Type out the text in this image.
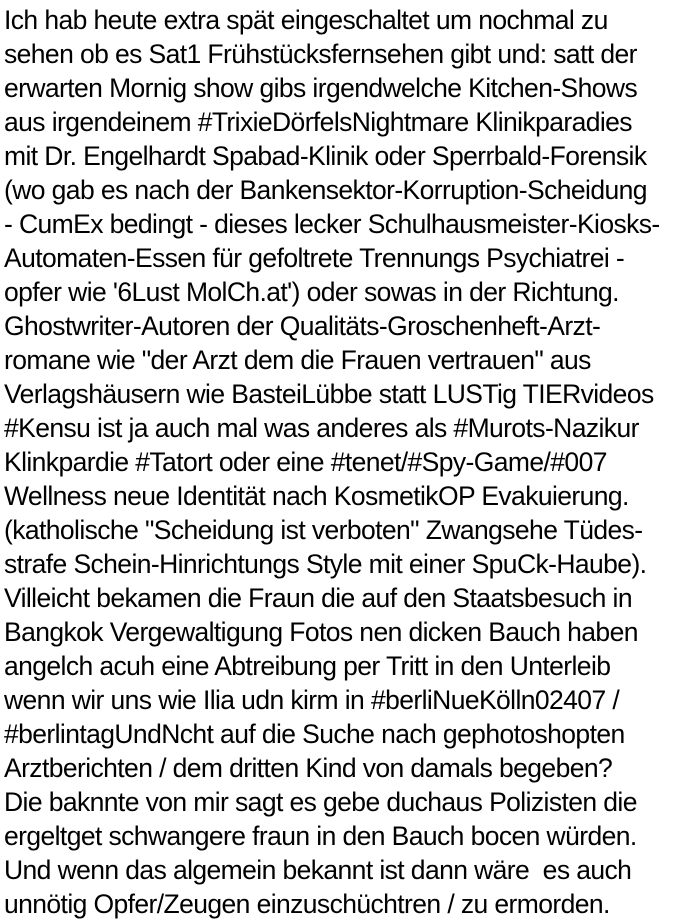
Ich hab heute extra spät eingeschaltet um nochmal zu
sehen ob es Sat1 Frühstücksfernsehen gibt und: satt der
erwarten Mornig show gibs irgendwelche Kitchen-Shows
aus irgendeinem #TrixieDörfelsNightmare Klinikparadies
mit Dr. Engelhardt Spabad-Klinik oder Sperrbald-Forensik
(wo gab es nach der Bankensektor-Korruption-Scheidung
- CumEx bedingt - dieses lecker Schulhausmeister-Kiosks-
Automaten-Essen für gefoltrete Trennungs Psychiatrei -
opfer wie '6Lust MolCh.at') oder sowas in der Richtung.
Ghostwriter-Autoren der Qualitäts-Groschenheft-Arzt-
romane wie "der Arzt dem die Frauen vertrauen" aus
Verlagshäusern wie BasteiLübbe statt LUSTig TIERvideos
#Kensu ist ja auch mal was anderes als #Murots-Nazikur
Klinkpardie #Tatort oder eine #tenet/#Spy-Game/#007
Wellness neue Identität nach KosmetikOP Evakuierung.
(katholische "Scheidung ist verboten" Zwangsehe Tüdes-
strafe Schein-Hinrichtungs Style mit einer SpuCk-Haube).
Villeicht bekamen die Fraun die auf den Staatsbesuch in
Bangkok Vergewaltigung Fotos nen dicken Bauch haben
angelch acuh eine Abtreibung per Tritt in den Unterleib
wenn wir uns wie Ilia udn kirm in #berliNueKölln02407 /
#berlintagUndNcht auf die Suche nach gephotoshopten
Arztberichten / dem dritten Kind von damals begeben?
Die baknnte von mir sagt es gebe duchaus Polizisten die
ergeltget schwangere fraun in den Bauch bocen würden.
Und wenn das algemein bekannt ist dann wäre  es auch
unnötig Opfer/Zeugen einzuschüchtren / zu ermorden.
